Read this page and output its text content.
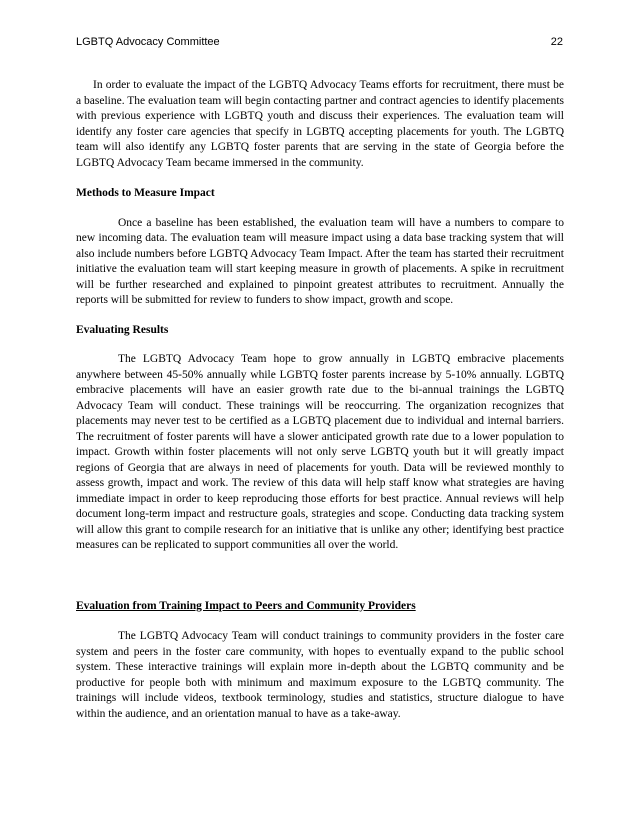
LGBTQ Advocacy Committee	22

In order to evaluate the impact of the LGBTQ Advocacy Teams efforts for recruitment, there must be a baseline. The evaluation team will begin contacting partner and contract agencies to identify placements with previous experience with LGBTQ youth and discuss their experiences. The evaluation team will identify any foster care agencies that specify in LGBTQ accepting placements for youth. The LGBTQ team will also identify any LGBTQ foster parents that are serving in the state of Georgia before the LGBTQ Advocacy Team became immersed in the community.

Methods to Measure Impact

Once a baseline has been established, the evaluation team will have a numbers to compare to new incoming data. The evaluation team will measure impact using a data base tracking system that will also include numbers before LGBTQ Advocacy Team Impact. After the team has started their recruitment initiative the evaluation team will start keeping measure in growth of placements. A spike in recruitment will be further researched and explained to pinpoint greatest attributes to recruitment. Annually the reports will be submitted for review to funders to show impact, growth and scope.

Evaluating Results

The LGBTQ Advocacy Team hope to grow annually in LGBTQ embracive placements anywhere between 45-50% annually while LGBTQ foster parents increase by 5-10% annually. LGBTQ embracive placements will have an easier growth rate due to the bi-annual trainings the LGBTQ Advocacy Team will conduct. These trainings will be reoccurring. The organization recognizes that placements may never test to be certified as a LGBTQ placement due to individual and internal barriers. The recruitment of foster parents will have a slower anticipated growth rate due to a lower population to impact. Growth within foster placements will not only serve LGBTQ youth but it will greatly impact regions of Georgia that are always in need of placements for youth. Data will be reviewed monthly to assess growth, impact and work. The review of this data will help staff know what strategies are having immediate impact in order to keep reproducing those efforts for best practice. Annual reviews will help document long-term impact and restructure goals, strategies and scope. Conducting data tracking system will allow this grant to compile research for an initiative that is unlike any other; identifying best practice measures can be replicated to support communities all over the world.

Evaluation from Training Impact to Peers and Community Providers

The LGBTQ Advocacy Team will conduct trainings to community providers in the foster care system and peers in the foster care community, with hopes to eventually expand to the public school system. These interactive trainings will explain more in-depth about the LGBTQ community and be productive for people both with minimum and maximum exposure to the LGBTQ community. The trainings will include videos, textbook terminology, studies and statistics, structure dialogue to have within the audience, and an orientation manual to have as a take-away.
